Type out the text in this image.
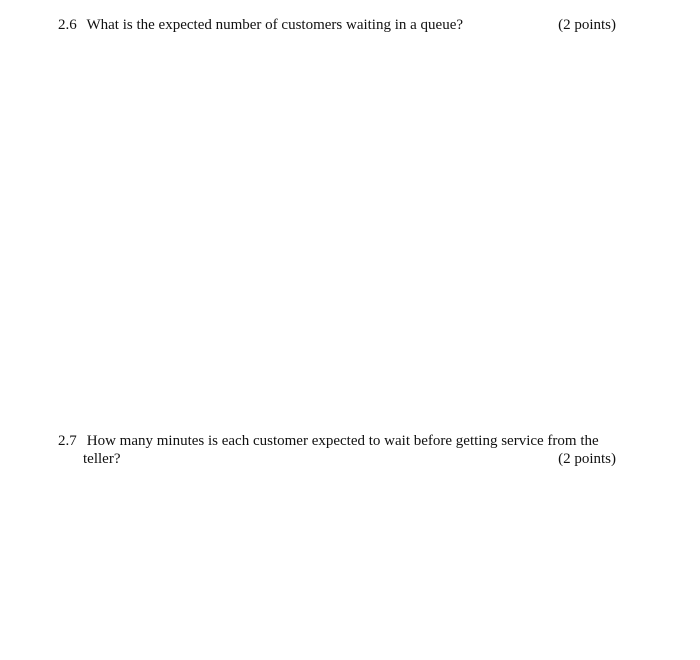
2.6 What is the expected number of customers waiting in a queue?	(2 points)
2.7 How many minutes is each customer expected to wait before getting service from the
teller?	(2 points)
